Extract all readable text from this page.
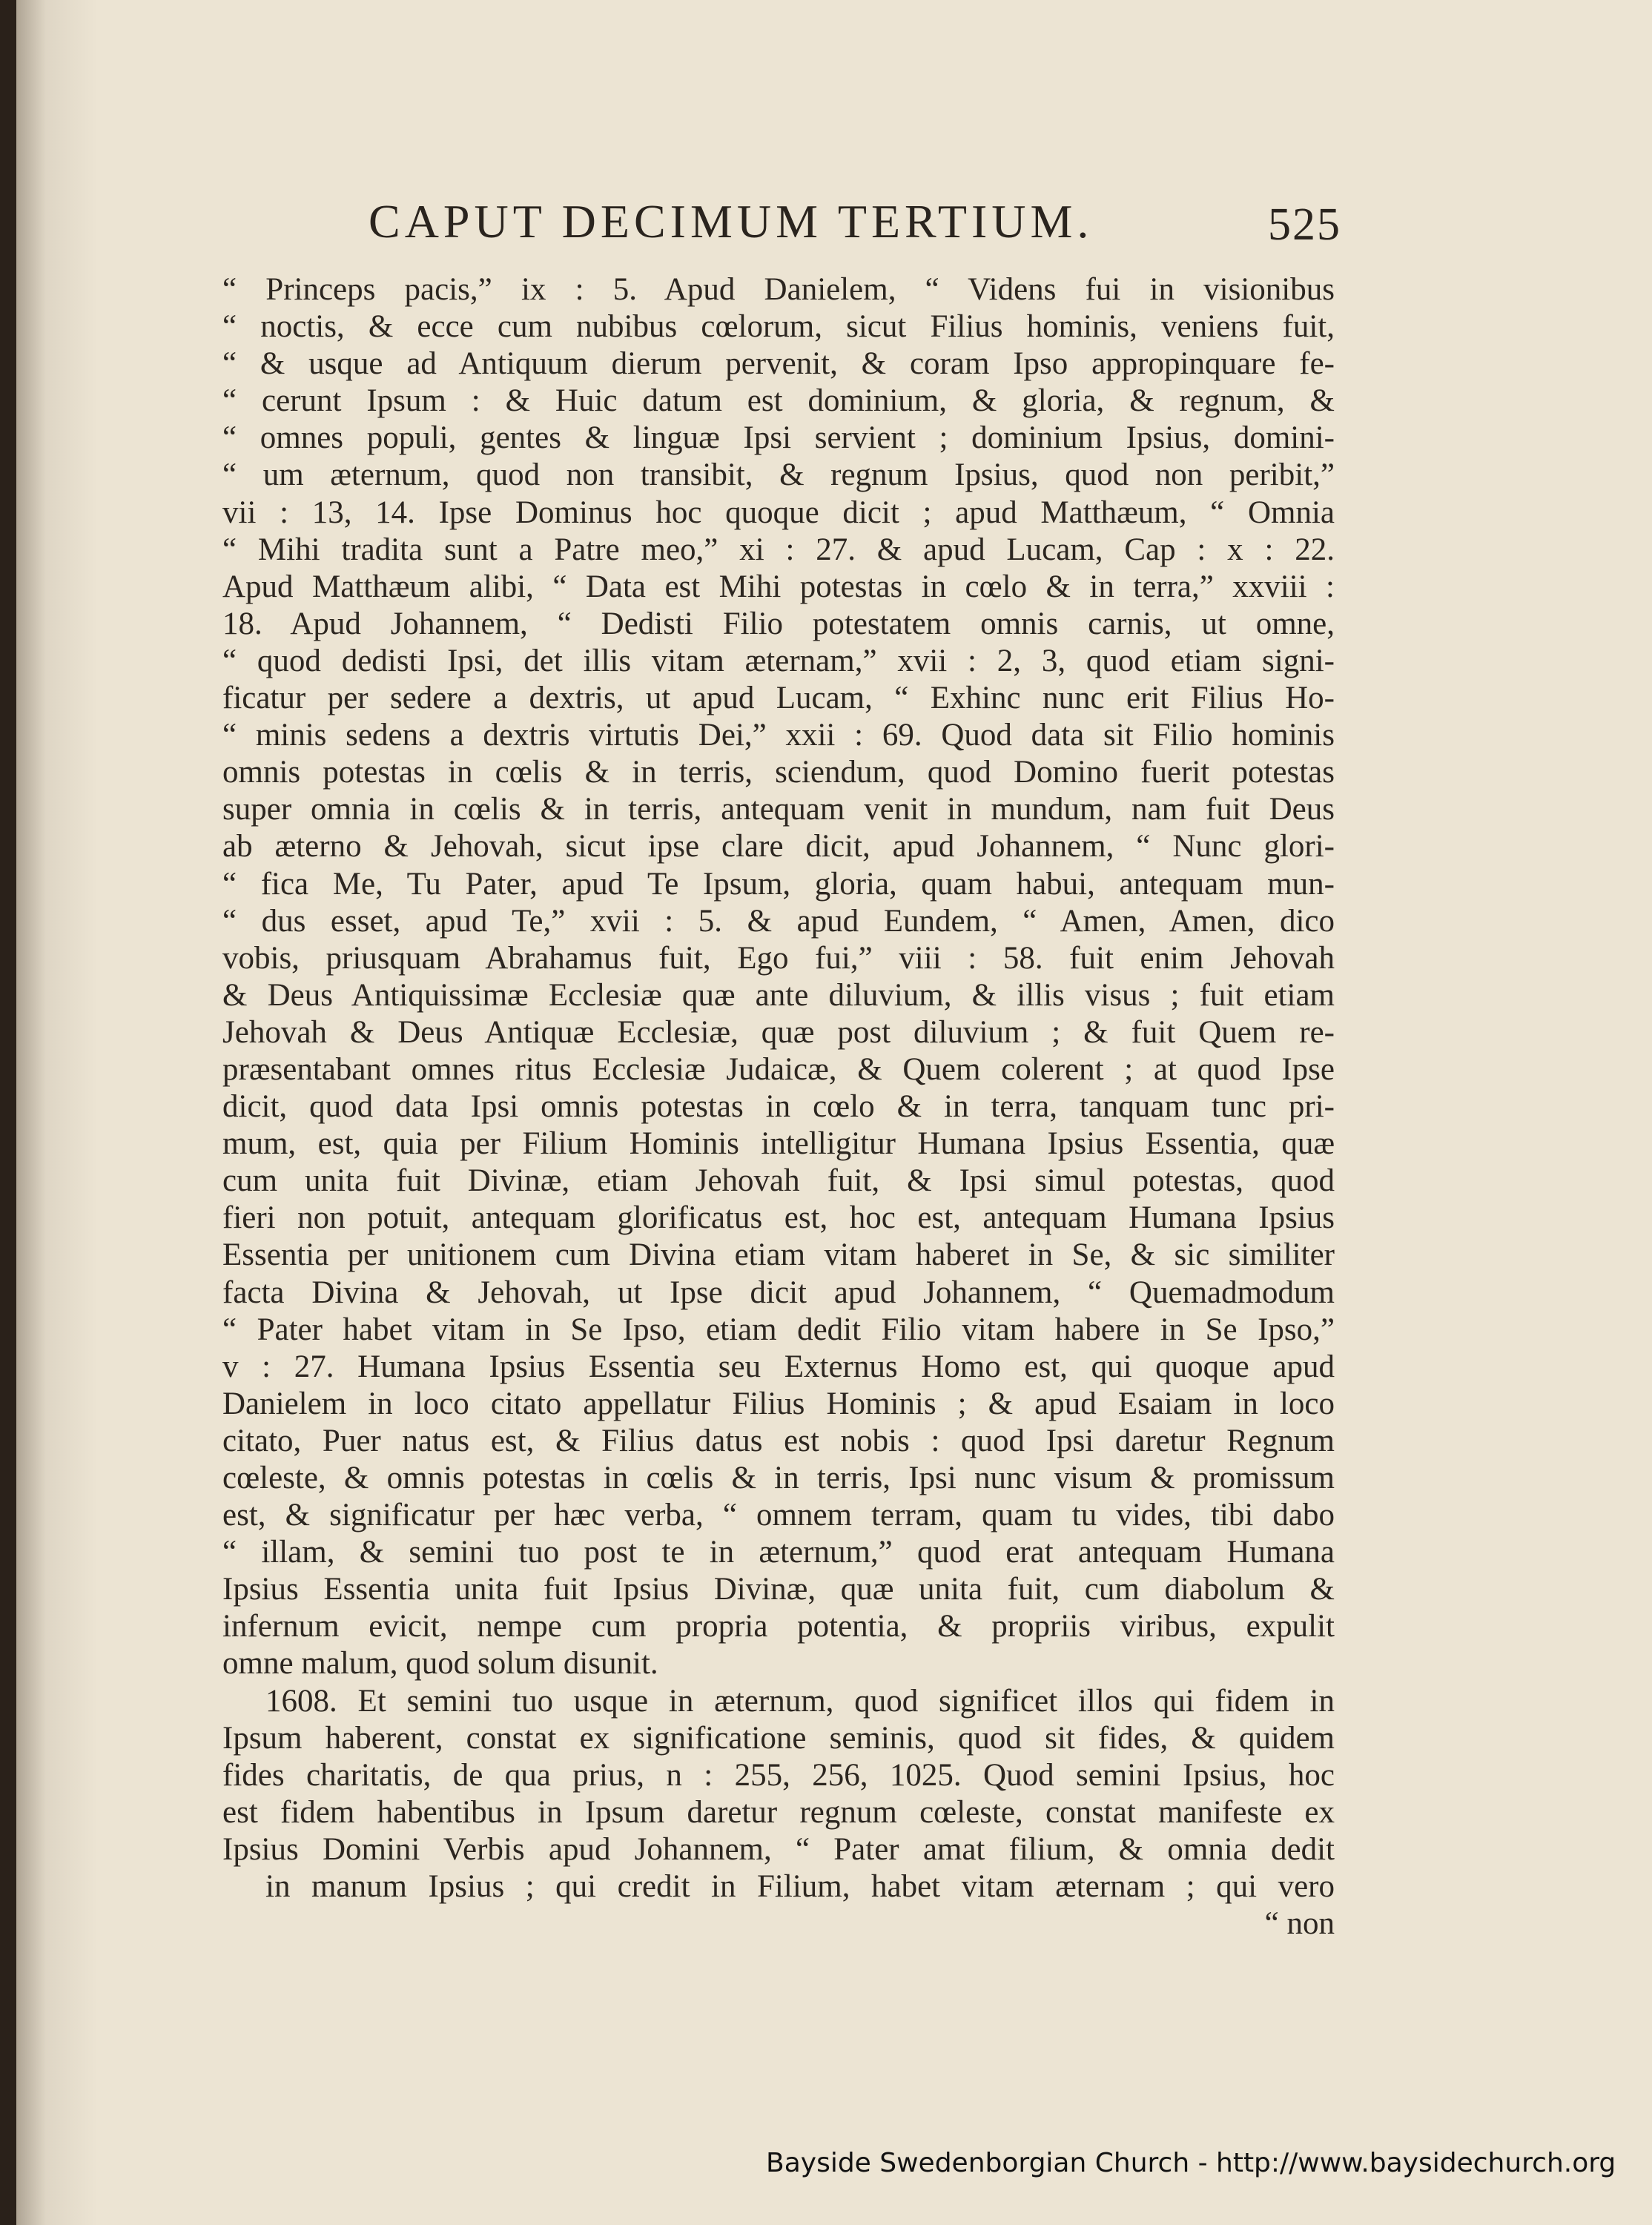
CAPUT DECIMUM TERTIUM.	525
“ Princeps pacis,” ix : 5. Apud Danielem, “ Videns fui in visionibus
“ noctis, & ecce cum nubibus cœlorum, sicut Filius hominis, veniens fuit,
“ & usque ad Antiquum dierum pervenit, & coram Ipso appropinquare fe-
“ cerunt Ipsum : & Huic datum est dominium, & gloria, & regnum, &
“ omnes populi, gentes & linguæ Ipsi servient ; dominium Ipsius, domini-
“ um æternum, quod non transibit, & regnum Ipsius, quod non peribit,”
vii : 13, 14. Ipse Dominus hoc quoque dicit ; apud Matthæum, “ Omnia
“ Mihi tradita sunt a Patre meo,” xi : 27. & apud Lucam, Cap : x : 22.
Apud Matthæum alibi, “ Data est Mihi potestas in cœlo & in terra,” xxviii :
18. Apud Johannem, “ Dedisti Filio potestatem omnis carnis, ut omne,
“ quod dedisti Ipsi, det illis vitam æternam,” xvii : 2, 3, quod etiam signi-
ficatur per sedere a dextris, ut apud Lucam, “ Exhinc nunc erit Filius Ho-
“ minis sedens a dextris virtutis Dei,” xxii : 69. Quod data sit Filio hominis
omnis potestas in cœlis & in terris, sciendum, quod Domino fuerit potestas
super omnia in cœlis & in terris, antequam venit in mundum, nam fuit Deus
ab æterno & Jehovah, sicut ipse clare dicit, apud Johannem, “ Nunc glori-
“ fica Me, Tu Pater, apud Te Ipsum, gloria, quam habui, antequam mun-
“ dus esset, apud Te,” xvii : 5. & apud Eundem, “ Amen, Amen, dico
vobis, priusquam Abrahamus fuit, Ego fui,” viii : 58. fuit enim Jehovah
& Deus Antiquissimæ Ecclesiæ quæ ante diluvium, & illis visus ; fuit etiam
Jehovah & Deus Antiquæ Ecclesiæ, quæ post diluvium ; & fuit Quem re-
præsentabant omnes ritus Ecclesiæ Judaicæ, & Quem colerent ; at quod Ipse
dicit, quod data Ipsi omnis potestas in cœlo & in terra, tanquam tunc pri-
mum, est, quia per Filium Hominis intelligitur Humana Ipsius Essentia, quæ
cum unita fuit Divinæ, etiam Jehovah fuit, & Ipsi simul potestas, quod
fieri non potuit, antequam glorificatus est, hoc est, antequam Humana Ipsius
Essentia per unitionem cum Divina etiam vitam haberet in Se, & sic similiter
facta Divina & Jehovah, ut Ipse dicit apud Johannem, “ Quemadmodum
“ Pater habet vitam in Se Ipso, etiam dedit Filio vitam habere in Se Ipso,”
v : 27. Humana Ipsius Essentia seu Externus Homo est, qui quoque apud
Danielem in loco citato appellatur Filius Hominis ; & apud Esaiam in loco
citato, Puer natus est, & Filius datus est nobis : quod Ipsi daretur Regnum
cœleste, & omnis potestas in cœlis & in terris, Ipsi nunc visum & promissum
est, & significatur per hæc verba, “ omnem terram, quam tu vides, tibi dabo
“ illam, & semini tuo post te in æternum,” quod erat antequam Humana
Ipsius Essentia unita fuit Ipsius Divinæ, quæ unita fuit, cum diabolum &
infernum evicit, nempe cum propria potentia, & propriis viribus, expulit
omne malum, quod solum disunit.
1608. Et semini tuo usque in æternum, quod significet illos qui fidem in
Ipsum haberent, constat ex significatione seminis, quod sit fides, & quidem
fides charitatis, de qua prius, n : 255, 256, 1025. Quod semini Ipsius, hoc
est fidem habentibus in Ipsum daretur regnum cœleste, constat manifeste ex
Ipsius Domini Verbis apud Johannem, “ Pater amat filium, & omnia dedit
in manum Ipsius ; qui credit in Filium, habet vitam æternam ; qui vero
“ non
Bayside Swedenborgian Church - http://www.baysidechurch.org
